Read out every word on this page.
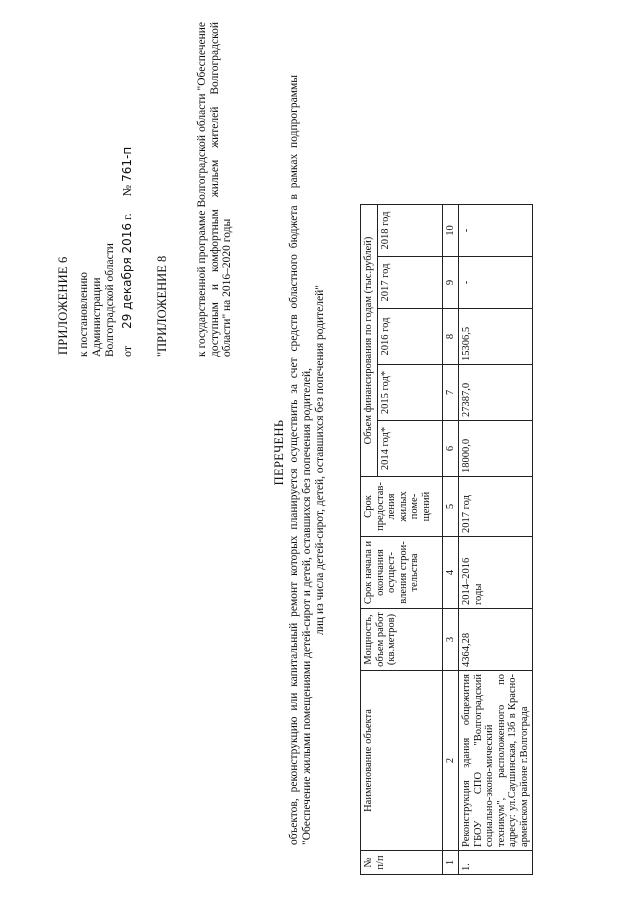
ПРИЛОЖЕНИЕ 6 к постановлению Администрации Волгоградской области от 29 декабря 2016 г. № 761-п
"ПРИЛОЖЕНИЕ 8 к государственной программе Волгоградской области "Обеспечение доступным и комфортным жильем жителей Волгоградской области" на 2016–2020 годы
ПЕРЕЧЕНЬ объектов, реконструкцию или капитальный ремонт которых планируется осуществить за счет средств областного бюджета в рамках подпрограммы "Обеспечение жилыми помещениями детей-сирот и детей, оставшихся без попечения родителей, лиц из числа детей-сирот, детей, оставшихся без попечения родителей"
№ п/п	Наименование объекта	Мощность, объем работ (кв.метров)	Срок начала и окончания осущест-вления строи-тельства	Срок предостав-ления жилых поме-щений	Объем финансирования по годам (тыс.рублей)				
					2014 год*	2015 год*	2016 год	2017 год	2018 год
1	2	3	4	5	6	7	8	9	10
1.	Реконструкция здания общежития ГБОУ СПО "Волгоградский социально-эконо-мический техникум", расположенного по адресу: ул.Саушинская, 13б в Красно-армейском районе г.Волгограда	4364,28	2014–2016 годы	2017 год	18000,0	27387,0	15306,5	-	-
